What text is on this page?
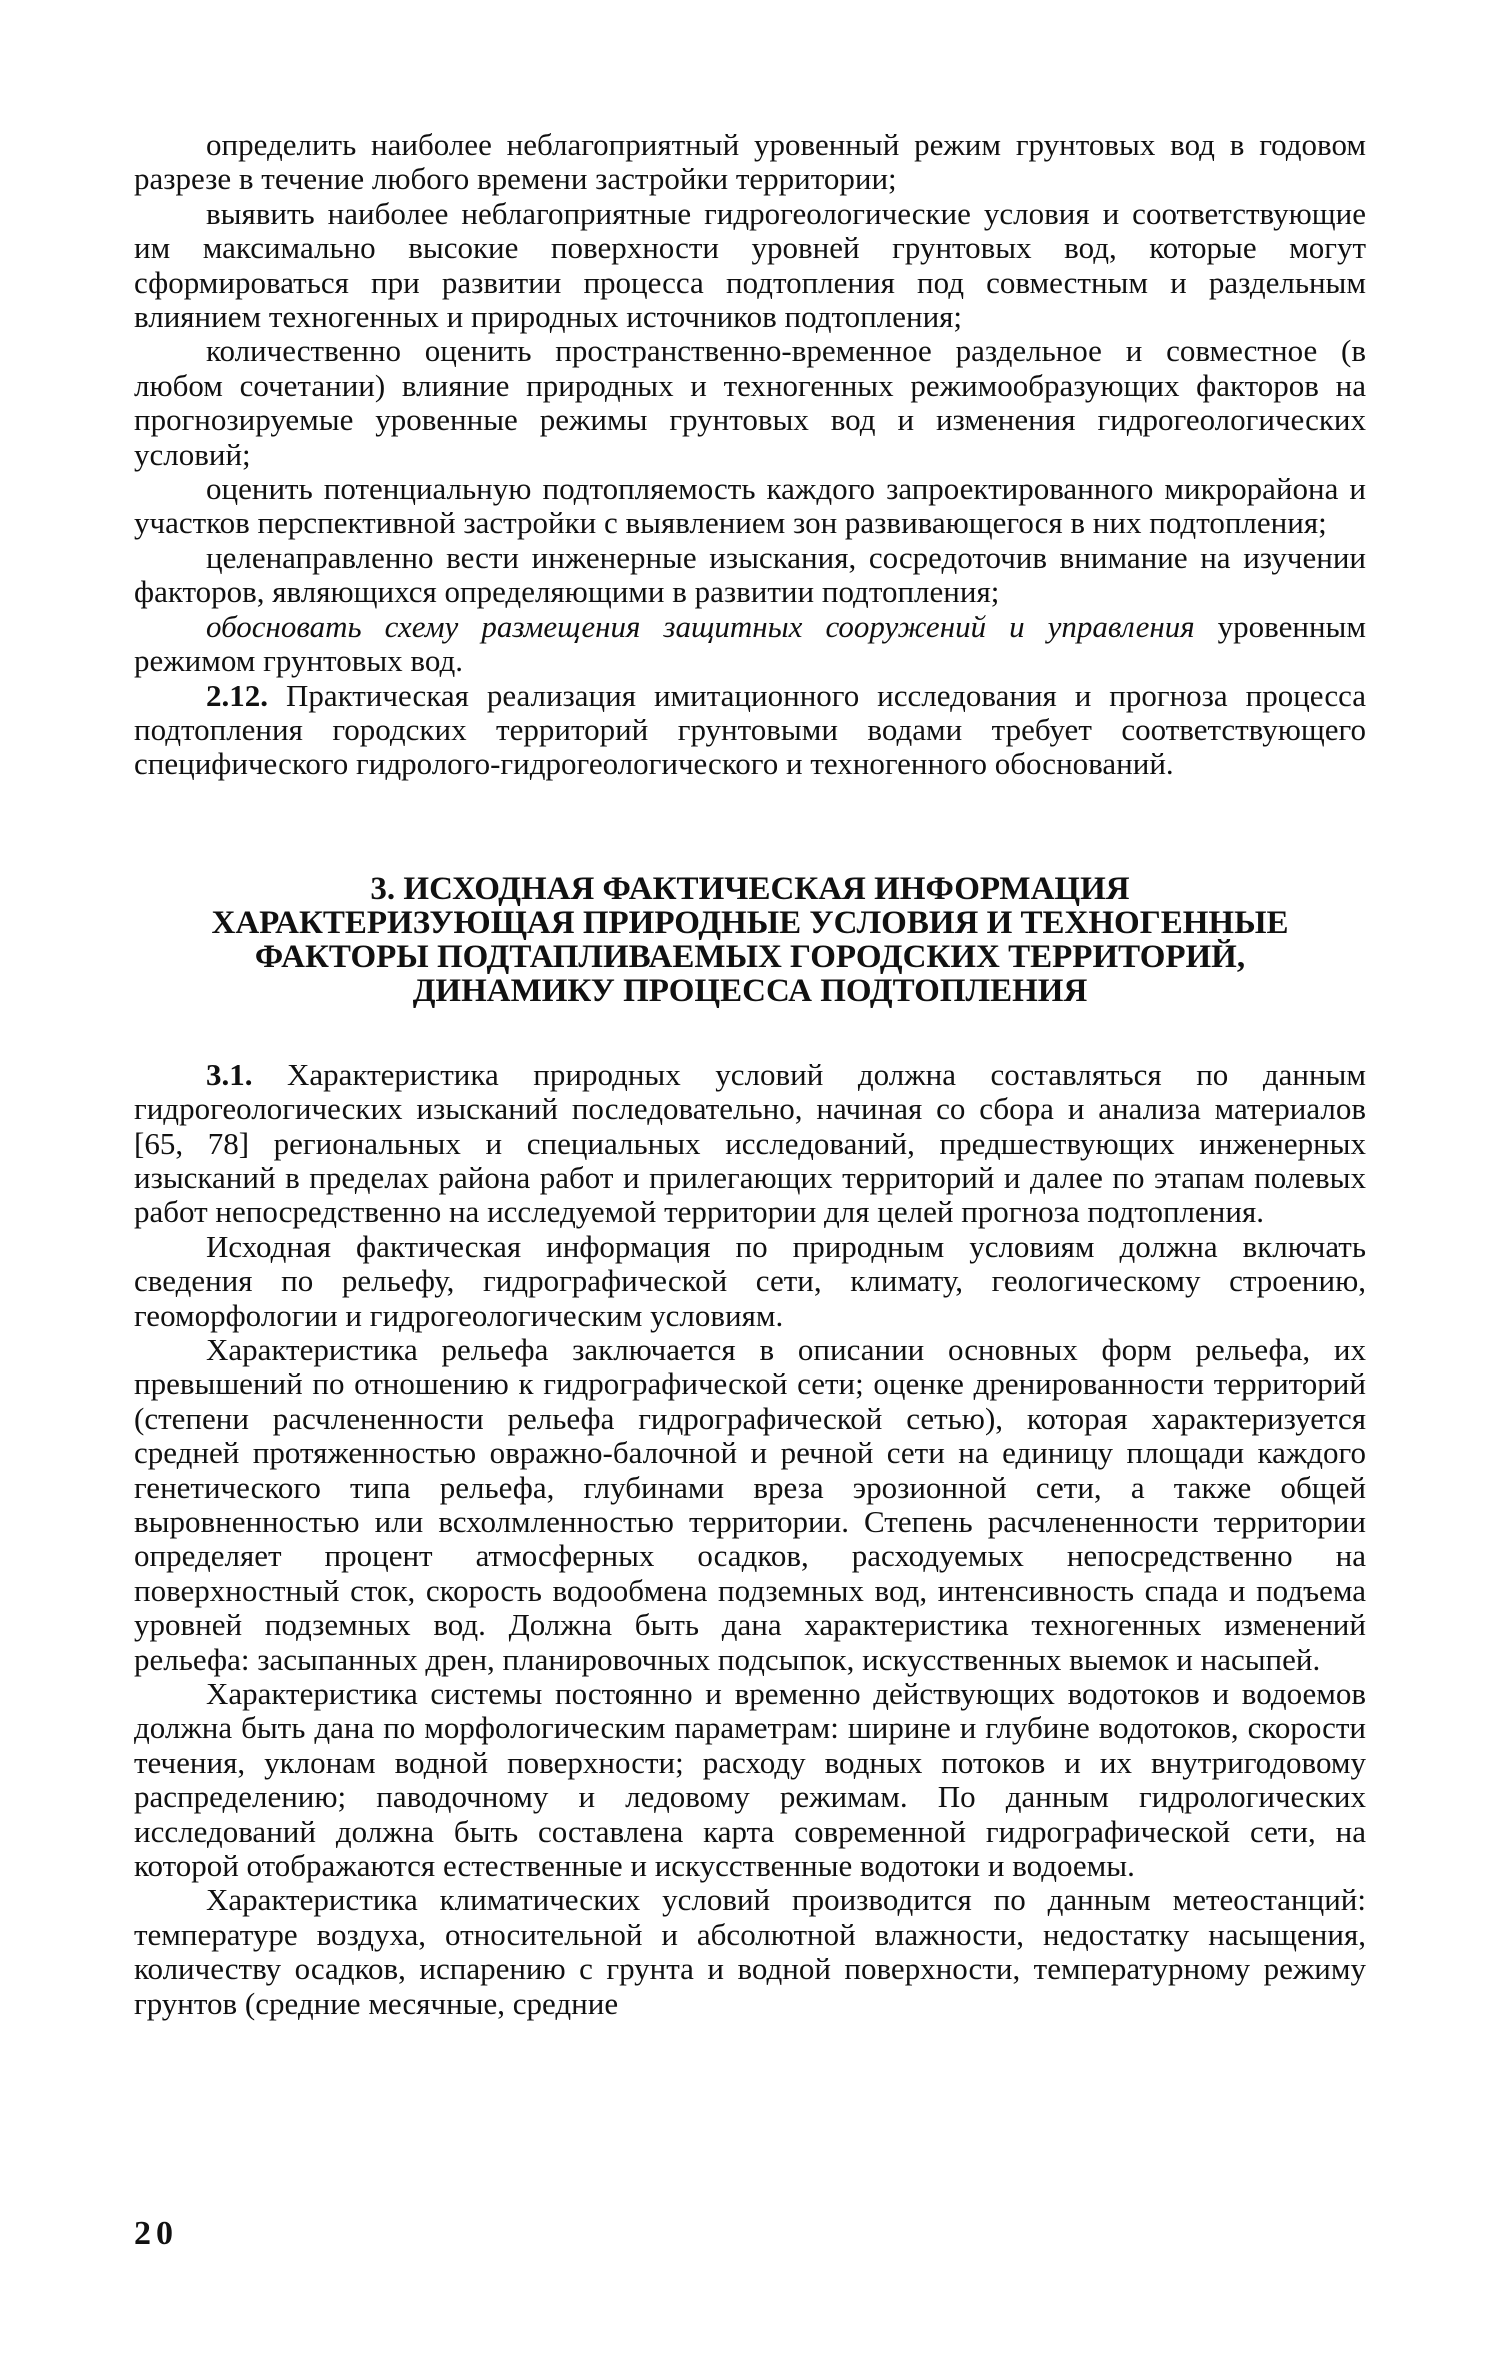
определить наиболее неблагоприятный уровенный режим грунтовых вод в годовом разрезе в течение любого времени застройки территории;

выявить наиболее неблагоприятные гидрогеологические условия и соответствующие им максимально высокие поверхности уровней грунтовых вод, которые могут сформироваться при развитии процесса подтопления под совместным и раздельным влиянием техногенных и природных источников подтопления;

количественно оценить пространственно-временное раздельное и совместное (в любом сочетании) влияние природных и техногенных режимообразующих факторов на прогнозируемые уровенные режимы грунтовых вод и изменения гидрогеологических условий;

оценить потенциальную подтопляемость каждого запроектированного микрорайона и участков перспективной застройки с выявлением зон развивающегося в них подтопления;

целенаправленно вести инженерные изыскания, сосредоточив внимание на изучении факторов, являющихся определяющими в развитии подтопления;

обосновать схему размещения защитных сооружений и управления уровенным режимом грунтовых вод.

2.12. Практическая реализация имитационного исследования и прогноза процесса подтопления городских территорий грунтовыми водами требует соответствующего специфического гидролого-гидрогеологического и техногенного обоснований.

3. ИСХОДНАЯ ФАКТИЧЕСКАЯ ИНФОРМАЦИЯ
ХАРАКТЕРИЗУЮЩАЯ ПРИРОДНЫЕ УСЛОВИЯ И ТЕХНОГЕННЫЕ
ФАКТОРЫ ПОДТАПЛИВАЕМЫХ ГОРОДСКИХ ТЕРРИТОРИЙ,
ДИНАМИКУ ПРОЦЕССА ПОДТОПЛЕНИЯ

3.1. Характеристика природных условий должна составляться по данным гидрогеологических изысканий последовательно, начиная со сбора и анализа материалов [65, 78] региональных и специальных исследований, предшествующих инженерных изысканий в пределах района работ и прилегающих территорий и далее по этапам полевых работ непосредственно на исследуемой территории для целей прогноза подтопления.

Исходная фактическая информация по природным условиям должна включать сведения по рельефу, гидрографической сети, климату, геологическому строению, геоморфологии и гидрогеологическим условиям.

Характеристика рельефа заключается в описании основных форм рельефа, их превышений по отношению к гидрографической сети; оценке дренированности территорий (степени расчлененности рельефа гидрографической сетью), которая характеризуется средней протяженностью овражно-балочной и речной сети на единицу площади каждого генетического типа рельефа, глубинами вреза эрозионной сети, а также общей выровненностью или всхолмленностью территории. Степень расчлененности территории определяет процент атмосферных осадков, расходуемых непосредственно на поверхностный сток, скорость водообмена подземных вод, интенсивность спада и подъема уровней подземных вод. Должна быть дана характеристика техногенных изменений рельефа: засыпанных дрен, планировочных подсыпок, искусственных выемок и насыпей.

Характеристика системы постоянно и временно действующих водотоков и водоемов должна быть дана по морфологическим параметрам: ширине и глубине водотоков, скорости течения, уклонам водной поверхности; расходу водных потоков и их внутригодовому распределению; паводочному и ледовому режимам. По данным гидрологических исследований должна быть составлена карта современной гидрографической сети, на которой отображаются естественные и искусственные водотоки и водоемы.

Характеристика климатических условий производится по данным метеостанций: температуре воздуха, относительной и абсолютной влажности, недостатку насыщения, количеству осадков, испарению с грунта и водной поверхности, температурному режиму грунтов (средние месячные, средние

20
